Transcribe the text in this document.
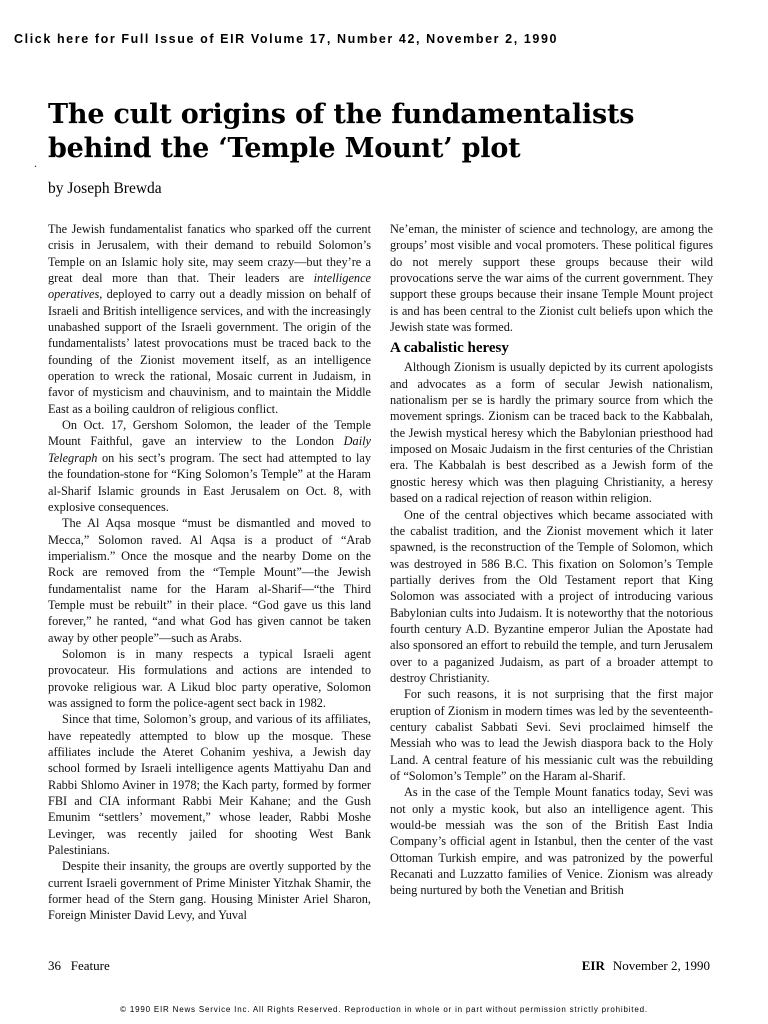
Click here for Full Issue of EIR Volume 17, Number 42, November 2, 1990
The cult origins of the fundamentalists
behind the ‘Temple Mount’ plot
.
by Joseph Brewda

The Jewish fundamentalist fanatics who sparked off the current crisis in Jerusalem, with their demand to rebuild Solomon’s Temple on an Islamic holy site, may seem crazy—but they’re a great deal more than that. Their leaders are intelligence operatives, deployed to carry out a deadly mission on behalf of Israeli and British intelligence services, and with the increasingly unabashed support of the Israeli government. The origin of the fundamentalists’ latest provocations must be traced back to the founding of the Zionist movement itself, as an intelligence operation to wreck the rational, Mosaic current in Judaism, in favor of mysticism and chauvinism, and to maintain the Middle East as a boiling cauldron of religious conflict.

On Oct. 17, Gershom Solomon, the leader of the Temple Mount Faithful, gave an interview to the London Daily Telegraph on his sect’s program. The sect had attempted to lay the foundation-stone for “King Solomon’s Temple” at the Haram al-Sharif Islamic grounds in East Jerusalem on Oct. 8, with explosive consequences.

The Al Aqsa mosque “must be dismantled and moved to Mecca,” Solomon raved. Al Aqsa is a product of “Arab imperialism.” Once the mosque and the nearby Dome on the Rock are removed from the “Temple Mount”—the Jewish fundamentalist name for the Haram al-Sharif—“the Third Temple must be rebuilt” in their place. “God gave us this land forever,” he ranted, “and what God has given cannot be taken away by other people”—such as Arabs.

Solomon is in many respects a typical Israeli agent provocateur. His formulations and actions are intended to provoke religious war. A Likud bloc party operative, Solomon was assigned to form the police-agent sect back in 1982.

Since that time, Solomon’s group, and various of its affiliates, have repeatedly attempted to blow up the mosque. These affiliates include the Ateret Cohanim yeshiva, a Jewish day school formed by Israeli intelligence agents Mattiyahu Dan and Rabbi Shlomo Aviner in 1978; the Kach party, formed by former FBI and CIA informant Rabbi Meir Kahane; and the Gush Emunim “settlers’ movement,” whose leader, Rabbi Moshe Levinger, was recently jailed for shooting West Bank Palestinians.

Despite their insanity, the groups are overtly supported by the current Israeli government of Prime Minister Yitzhak Shamir, the former head of the Stern gang. Housing Minister Ariel Sharon, Foreign Minister David Levy, and Yuval

Ne’eman, the minister of science and technology, are among the groups’ most visible and vocal promoters. These political figures do not merely support these groups because their wild provocations serve the war aims of the current government. They support these groups because their insane Temple Mount project is and has been central to the Zionist cult beliefs upon which the Jewish state was formed.

A cabalistic heresy

Although Zionism is usually depicted by its current apologists and advocates as a form of secular Jewish nationalism, nationalism per se is hardly the primary source from which the movement springs. Zionism can be traced back to the Kabbalah, the Jewish mystical heresy which the Babylonian priesthood had imposed on Mosaic Judaism in the first centuries of the Christian era. The Kabbalah is best described as a Jewish form of the gnostic heresy which was then plaguing Christianity, a heresy based on a radical rejection of reason within religion.

One of the central objectives which became associated with the cabalist tradition, and the Zionist movement which it later spawned, is the reconstruction of the Temple of Solomon, which was destroyed in 586 B.C. This fixation on Solomon’s Temple partially derives from the Old Testament report that King Solomon was associated with a project of introducing various Babylonian cults into Judaism. It is noteworthy that the notorious fourth century A.D. Byzantine emperor Julian the Apostate had also sponsored an effort to rebuild the temple, and turn Jerusalem over to a paganized Judaism, as part of a broader attempt to destroy Christianity.

For such reasons, it is not surprising that the first major eruption of Zionism in modern times was led by the seventeenth-century cabalist Sabbati Sevi. Sevi proclaimed himself the Messiah who was to lead the Jewish diaspora back to the Holy Land. A central feature of his messianic cult was the rebuilding of “Solomon’s Temple” on the Haram al-Sharif.

As in the case of the Temple Mount fanatics today, Sevi was not only a mystic kook, but also an intelligence agent. This would-be messiah was the son of the British East India Company’s official agent in Istanbul, then the center of the vast Ottoman Turkish empire, and was patronized by the powerful Recanati and Luzzatto families of Venice. Zionism was already being nurtured by both the Venetian and British

36 Feature	EIR November 2, 1990
© 1990 EIR News Service Inc. All Rights Reserved. Reproduction in whole or in part without permission strictly prohibited.
